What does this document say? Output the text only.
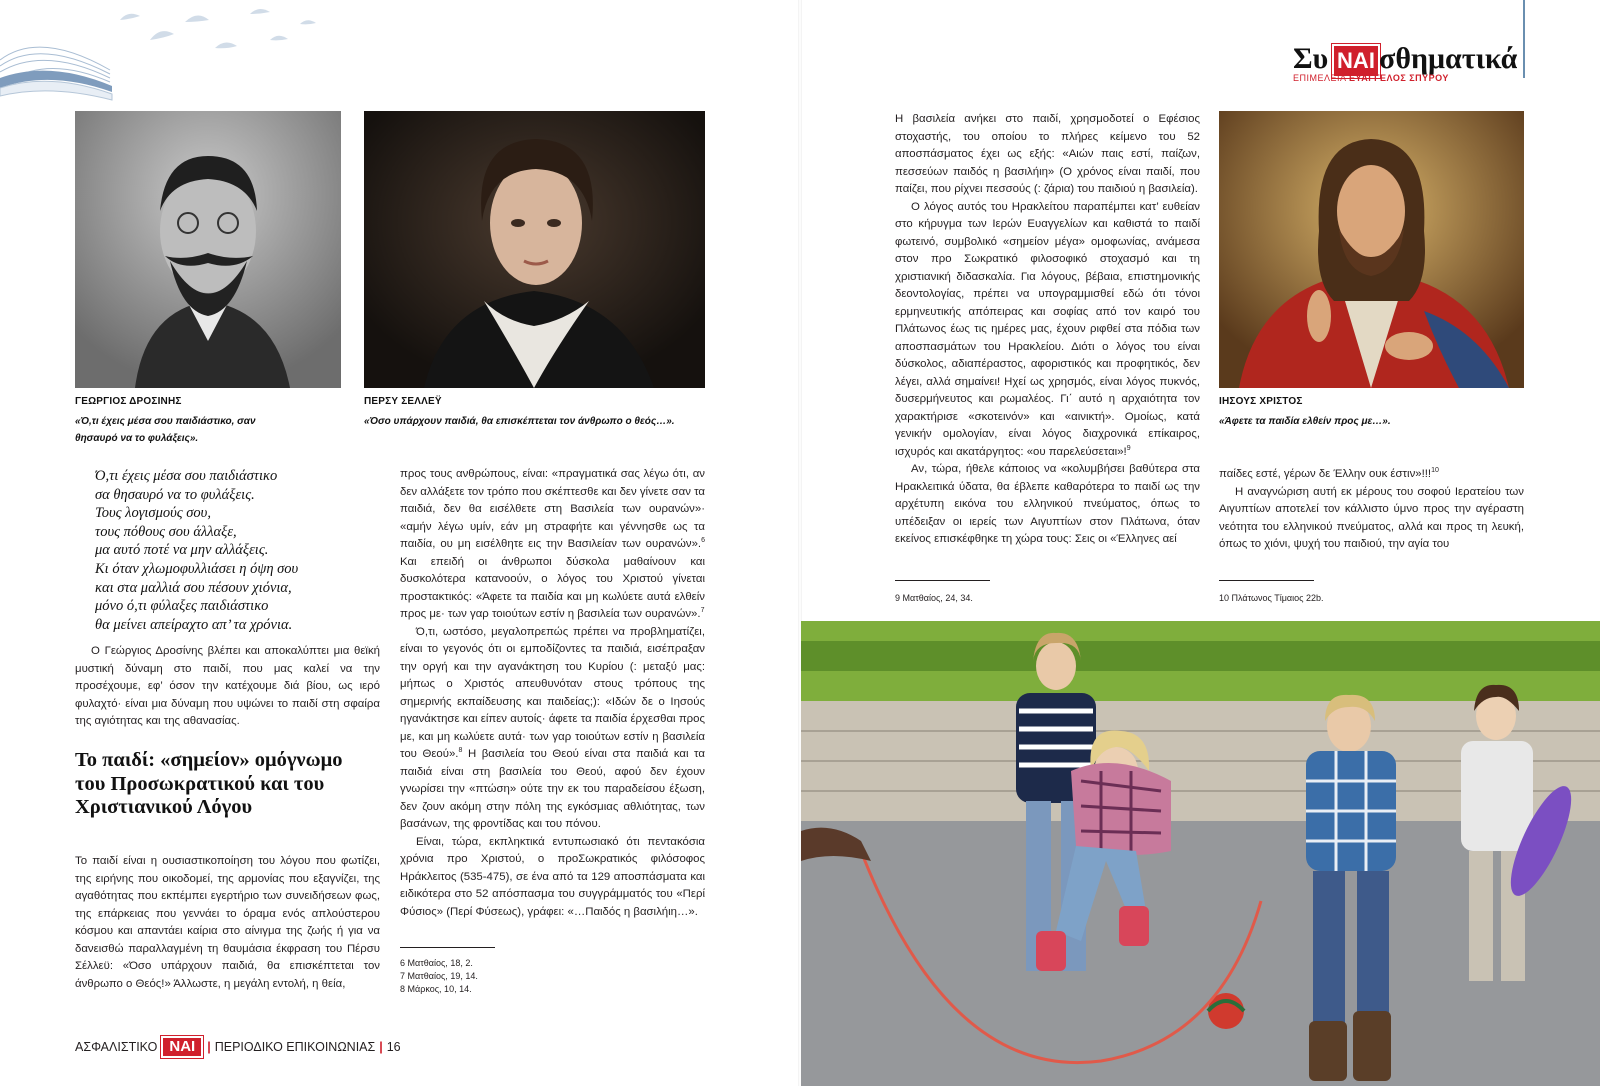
Συ ΝΑΙ σθηματικά
ΕΠΙΜΕΛΕΙΑ ΕΥΑΓΓΕΛΟΣ ΣΠΥΡΟΥ
ΓΕΩΡΓΙΟΣ ΔΡΟΣΙΝΗΣ
«Ό,τι έχεις μέσα σου παιδιάστικο, σαν
θησαυρό να το φυλάξεις».
ΠΕΡΣΥ ΣΕΛΛΕΫ
«Όσο υπάρχουν παιδιά, θα επισκέπτεται τον άνθρωπο ο θεός…».
ΙΗΣΟΥΣ ΧΡΙΣΤΟΣ
«Άφετε τα παιδία ελθείν προς με…».
Ό,τι έχεις μέσα σου παιδιάστικο
σα θησαυρό να το φυλάξεις.
Τους λογισμούς σου,
τους πόθους σου άλλαξε,
μα αυτό ποτέ να μην αλλάξεις.
Κι όταν χλωμοφυλλιάσει η όψη σου
και στα μαλλιά σου πέσουν χιόνια,
μόνο ό,τι φύλαξες παιδιάστικο
θα μείνει απείραχτο απ’ τα χρόνια.

Ο Γεώργιος Δροσίνης βλέπει και αποκαλύπτει μια θεϊκή μυστική δύναμη στο παιδί, που μας καλεί να την προσέχουμε, εφ’ όσον την κατέχουμε διά βίου, ως ιερό φυλαχτό· είναι μια δύναμη που υψώνει το παιδί στη σφαίρα της αγιότητας και της αθανασίας.

Το παιδί: «σημείον» ομόγνωμο του Προσωκρατικού και του Χριστιανικού Λόγου

Το παιδί είναι η ουσιαστικοποίηση του λόγου που φωτίζει, της ειρήνης που οικοδομεί, της αρμονίας που εξαγνίζει, της αγαθότητας που εκπέμπει εγερτήριο των συνειδήσεων φως, της επάρκειας που γεννάει το όραμα ενός απλούστερου κόσμου και απαντάει καίρια στο αίνιγμα της ζωής ή για να δανεισθώ παραλλαγμένη τη θαυμάσια έκφραση του Πέρσυ Σέλλεϋ: «Όσο υπάρχουν παιδιά, θα επισκέπτεται τον άνθρωπο ο Θεός!» Άλλωστε, η μεγάλη εντολή, η θεία,

προς τους ανθρώπους, είναι: «πραγματικά σας λέγω ότι, αν δεν αλλάξετε τον τρόπο που σκέπτεσθε και δεν γίνετε σαν τα παιδιά, δεν θα εισέλθετε στη Βασιλεία των ουρανών»· «αμήν λέγω υμίν, εάν μη στραφήτε και γέννησθε ως τα παιδία, ου μη εισέλθητε εις την Βασιλείαν των ουρανών».$^6$ Και επειδή οι άνθρωποι δύσκολα μαθαίνουν και δυσκολότερα κατανοούν, ο λόγος του Χριστού γίνεται προστακτικός: «Άφετε τα παιδία και μη κωλύετε αυτά ελθείν προς με· των γαρ τοιούτων εστίν η βασιλεία των ουρανών».$^7$

Ό,τι, ωστόσο, μεγαλοπρεπώς πρέπει να προβληματίζει, είναι το γεγονός ότι οι εμποδίζοντες τα παιδιά, εισέπραξαν την οργή και την αγανάκτηση του Κυρίου (: μεταξύ μας: μήπως ο Χριστός απευθυνόταν στους τρόπους της σημερινής εκπαίδευσης και παιδείας;): «Ιδών δε ο Ιησούς ηγανάκτησε και είπεν αυτοίς· άφετε τα παιδία έρχεσθαι προς με, και μη κωλύετε αυτά· των γαρ τοιούτων εστίν η βασιλεία του Θεού».$^8$ Η βασιλεία του Θεού είναι στα παιδιά και τα παιδιά είναι στη βασιλεία του Θεού, αφού δεν έχουν γνωρίσει την «πτώση» ούτε την εκ του παραδείσου έξωση, δεν ζουν ακόμη στην πόλη της εγκόσμιας αθλιότητας, των βασάνων, της φροντίδας και του πόνου.

Είναι, τώρα, εκπληκτικά εντυπωσιακό ότι πεντακόσια χρόνια προ Χριστού, ο προΣωκρατικός φιλόσοφος Ηράκλειτος (535-475), σε ένα από τα 129 αποσπάσματα και ειδικότερα στο 52 απόσπασμα του συγγράμματός του «Περί Φύσιος» (Περί Φύσεως), γράφει: «…Παιδός η βασιλήιη…».

6 Ματθαίος, 18, 2.
7 Ματθαίος, 19, 14.
8 Μάρκος, 10, 14.

Η βασιλεία ανήκει στο παιδί, χρησμοδοτεί ο Εφέσιος στοχαστής, του οποίου το πλήρες κείμενο του 52 αποσπάσματος έχει ως εξής: «Αιών παις εστί, παίζων, πεσσεύων παιδός η βασιλήιη» (Ο χρόνος είναι παιδί, που παίζει, που ρίχνει πεσσούς (: ζάρια) του παιδιού η βασιλεία).

Ο λόγος αυτός του Ηρακλείτου παραπέμπει κατ’ ευθείαν στο κήρυγμα των Ιερών Ευαγγελίων και καθιστά το παιδί φωτεινό, συμβολικό «σημείον μέγα» ομοφωνίας, ανάμεσα στον προ Σωκρατικό φιλοσοφικό στοχασμό και τη χριστιανική διδασκαλία. Για λόγους, βέβαια, επιστημονικής δεοντολογίας, πρέπει να υπογραμμισθεί εδώ ότι τόνοι ερμηνευτικής απόπειρας και σοφίας από τον καιρό του Πλάτωνος έως τις ημέρες μας, έχουν ριφθεί στα πόδια των αποσπασμάτων του Ηρακλείου. Διότι ο λόγος του είναι δύσκολος, αδιαπέραστος, αφοριστικός και προφητικός, δεν λέγει, αλλά σημαίνει! Ηχεί ως χρησμός, είναι λόγος πυκνός, δυσερμήνευτος και ρωμαλέος. Γι΄ αυτό η αρχαιότητα τον χαρακτήρισε «σκοτεινόν» και «αινικτή». Ομοίως, κατά γενικήν ομολογίαν, είναι λόγος διαχρονικά επίκαιρος, ισχυρός και ακατάργητος: «ου παρελεύσεται»!$^9$

Αν, τώρα, ήθελε κάποιος να «κολυμβήσει βαθύτερα στα Ηρακλειτικά ύδατα, θα έβλεπε καθαρότερα το παιδί ως την αρχέτυπη εικόνα του ελληνικού πνεύματος, όπως το υπέδειξαν οι ιερείς των Αιγυπτίων στον Πλάτωνα, όταν εκείνος επισκέφθηκε τη χώρα τους: Σεις οι «Έλληνες αεί

9 Ματθαίος, 24, 34.

παίδες εστέ, γέρων δε Έλλην ουκ έστιν»!!!$^{10}$

Η αναγνώριση αυτή εκ μέρους του σοφού Ιερατείου των Αιγυπτίων αποτελεί τον κάλλιστο ύμνο προς την αγέραστη νεότητα του ελληνικού πνεύματος, αλλά και προς τη λευκή, όπως το χιόνι, ψυχή του παιδιού, την αγία του

10 Πλάτωνος Τίμαιος 22b.
ΑΣΦΑΛΙΣΤΙΚΟ ΝΑΙ | ΠΕΡΙΟΔΙΚΟ ΕΠΙΚΟΙΝΩΝΙΑΣ | 16
